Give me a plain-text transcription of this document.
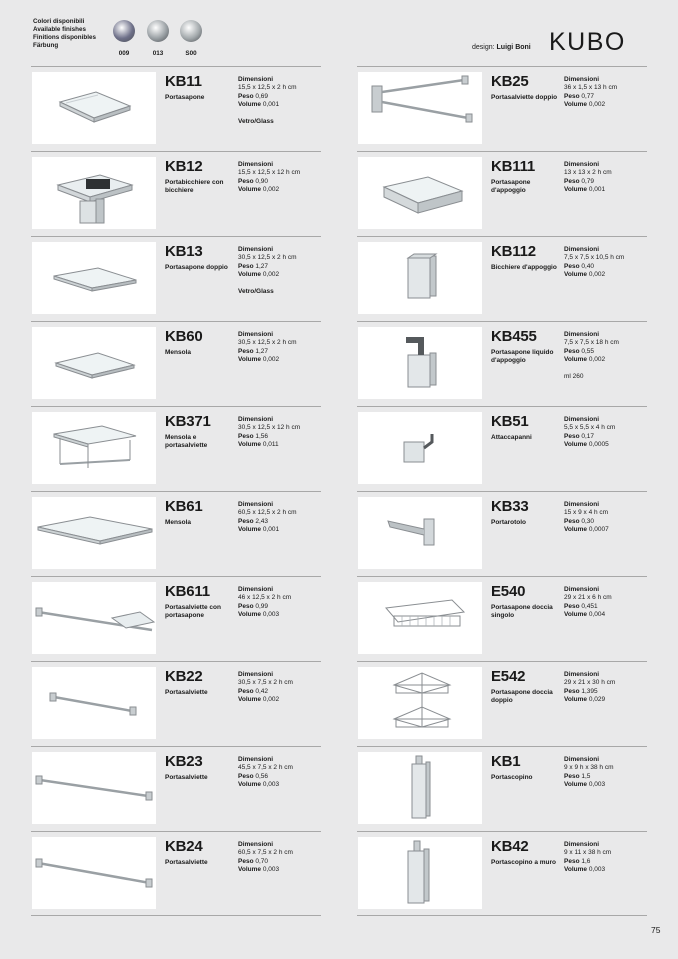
Colori disponibili
Available finishes
Finitions disponibles
Färbung
009	013	S00
design: Luigi Boni KUBO
KB11
Portasapone
Dimensioni
15,5 x 12,5 x 2 h cm
Peso 0,69
Volume 0,001
Vetro/Glass
KB12
Portabicchiere con bicchiere
Dimensioni
15,5 x 12,5 x 12 h cm
Peso 0,90
Volume 0,002
KB13
Portasapone doppio
Dimensioni
30,5 x 12,5 x 2 h cm
Peso 1,27
Volume 0,002
Vetro/Glass
KB60
Mensola
Dimensioni
30,5 x 12,5 x 2 h cm
Peso 1,27
Volume 0,002
KB371
Mensola e portasalviette
Dimensioni
30,5 x 12,5 x 12 h cm
Peso 1,56
Volume 0,011
KB61
Mensola
Dimensioni
60,5 x 12,5 x 2 h cm
Peso 2,43
Volume 0,001
KB611
Portasalviette con portasapone
Dimensioni
46 x 12,5 x 2 h cm
Peso 0,99
Volume 0,003
KB22
Portasalviette
Dimensioni
30,5 x 7,5 x 2 h cm
Peso 0,42
Volume 0,002
KB23
Portasalviette
Dimensioni
45,5 x 7,5 x 2 h cm
Peso 0,56
Volume 0,003
KB24
Portasalviette
Dimensioni
60,5 x 7,5 x 2 h cm
Peso 0,70
Volume 0,003
KB25
Portasalviette doppio
Dimensioni
36 x 1,5 x 13 h cm
Peso 0,77
Volume 0,002
KB111
Portasapone d'appoggio
Dimensioni
13 x 13 x 2 h cm
Peso 0,79
Volume 0,001
KB112
Bicchiere d'appoggio
Dimensioni
7,5 x 7,5 x 10,5 h cm
Peso 0,40
Volume 0,002
KB455
Portasapone liquido d'appoggio
Dimensioni
7,5 x 7,5 x 18 h cm
Peso 0,55
Volume 0,002
ml 260
KB51
Attaccapanni
Dimensioni
5,5 x 5,5 x 4 h cm
Peso 0,17
Volume 0,0005
KB33
Portarotolo
Dimensioni
15 x 9 x 4 h cm
Peso 0,30
Volume 0,0007
E540
Portasapone doccia singolo
Dimensioni
29 x 21 x 6 h cm
Peso 0,451
Volume 0,004
E542
Portasapone doccia doppio
Dimensioni
29 x 21 x 30 h cm
Peso 1,395
Volume 0,029
KB1
Portascopino
Dimensioni
9 x 9 h x 38 h cm
Peso 1,5
Volume 0,003
KB42
Portascopino a muro
Dimensioni
9 x 11 x 38 h cm
Peso 1,6
Volume 0,003
75
